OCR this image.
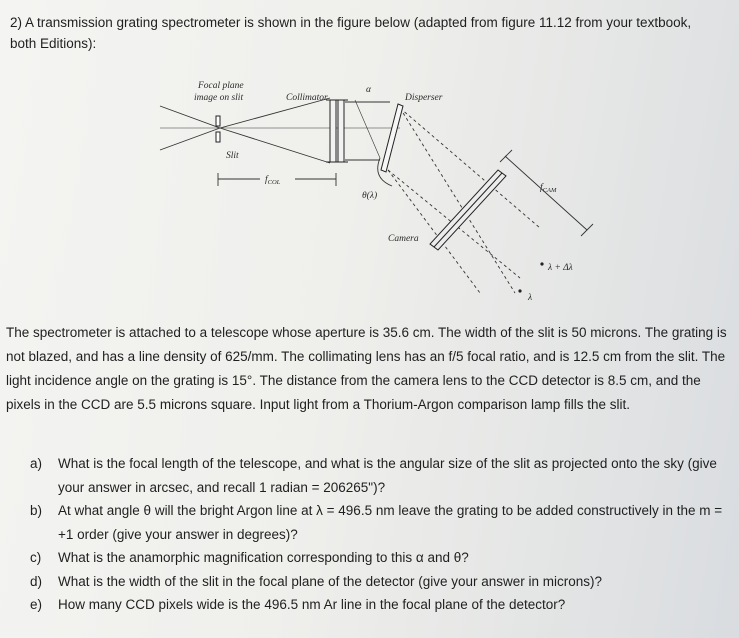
2) A transmission grating spectrometer is shown in the figure below (adapted from figure 11.12 from your textbook, both Editions):
Focal plane
image on slit	Collimator
α
Disperser
Slit
$f_{COL}$
θ(λ)
Camera
$f_{CAM}$
λ + Δλ
λ
The spectrometer is attached to a telescope whose aperture is 35.6 cm. The width of the slit is 50 microns. The grating is not blazed, and has a line density of 625/mm. The collimating lens has an f/5 focal ratio, and is 12.5 cm from the slit. The light incidence angle on the grating is 15°. The distance from the camera lens to the CCD detector is 8.5 cm, and the pixels in the CCD are 5.5 microns square. Input light from a Thorium-Argon comparison lamp fills the slit.
a)	What is the focal length of the telescope, and what is the angular size of the slit as projected onto the sky (give your answer in arcsec, and recall 1 radian = 206265")?
b)	At what angle θ will the bright Argon line at λ = 496.5 nm leave the grating to be added constructively in the m = +1 order (give your answer in degrees)?
c)	What is the anamorphic magnification corresponding to this α and θ?
d)	What is the width of the slit in the focal plane of the detector (give your answer in microns)?
e)	How many CCD pixels wide is the 496.5 nm Ar line in the focal plane of the detector?
